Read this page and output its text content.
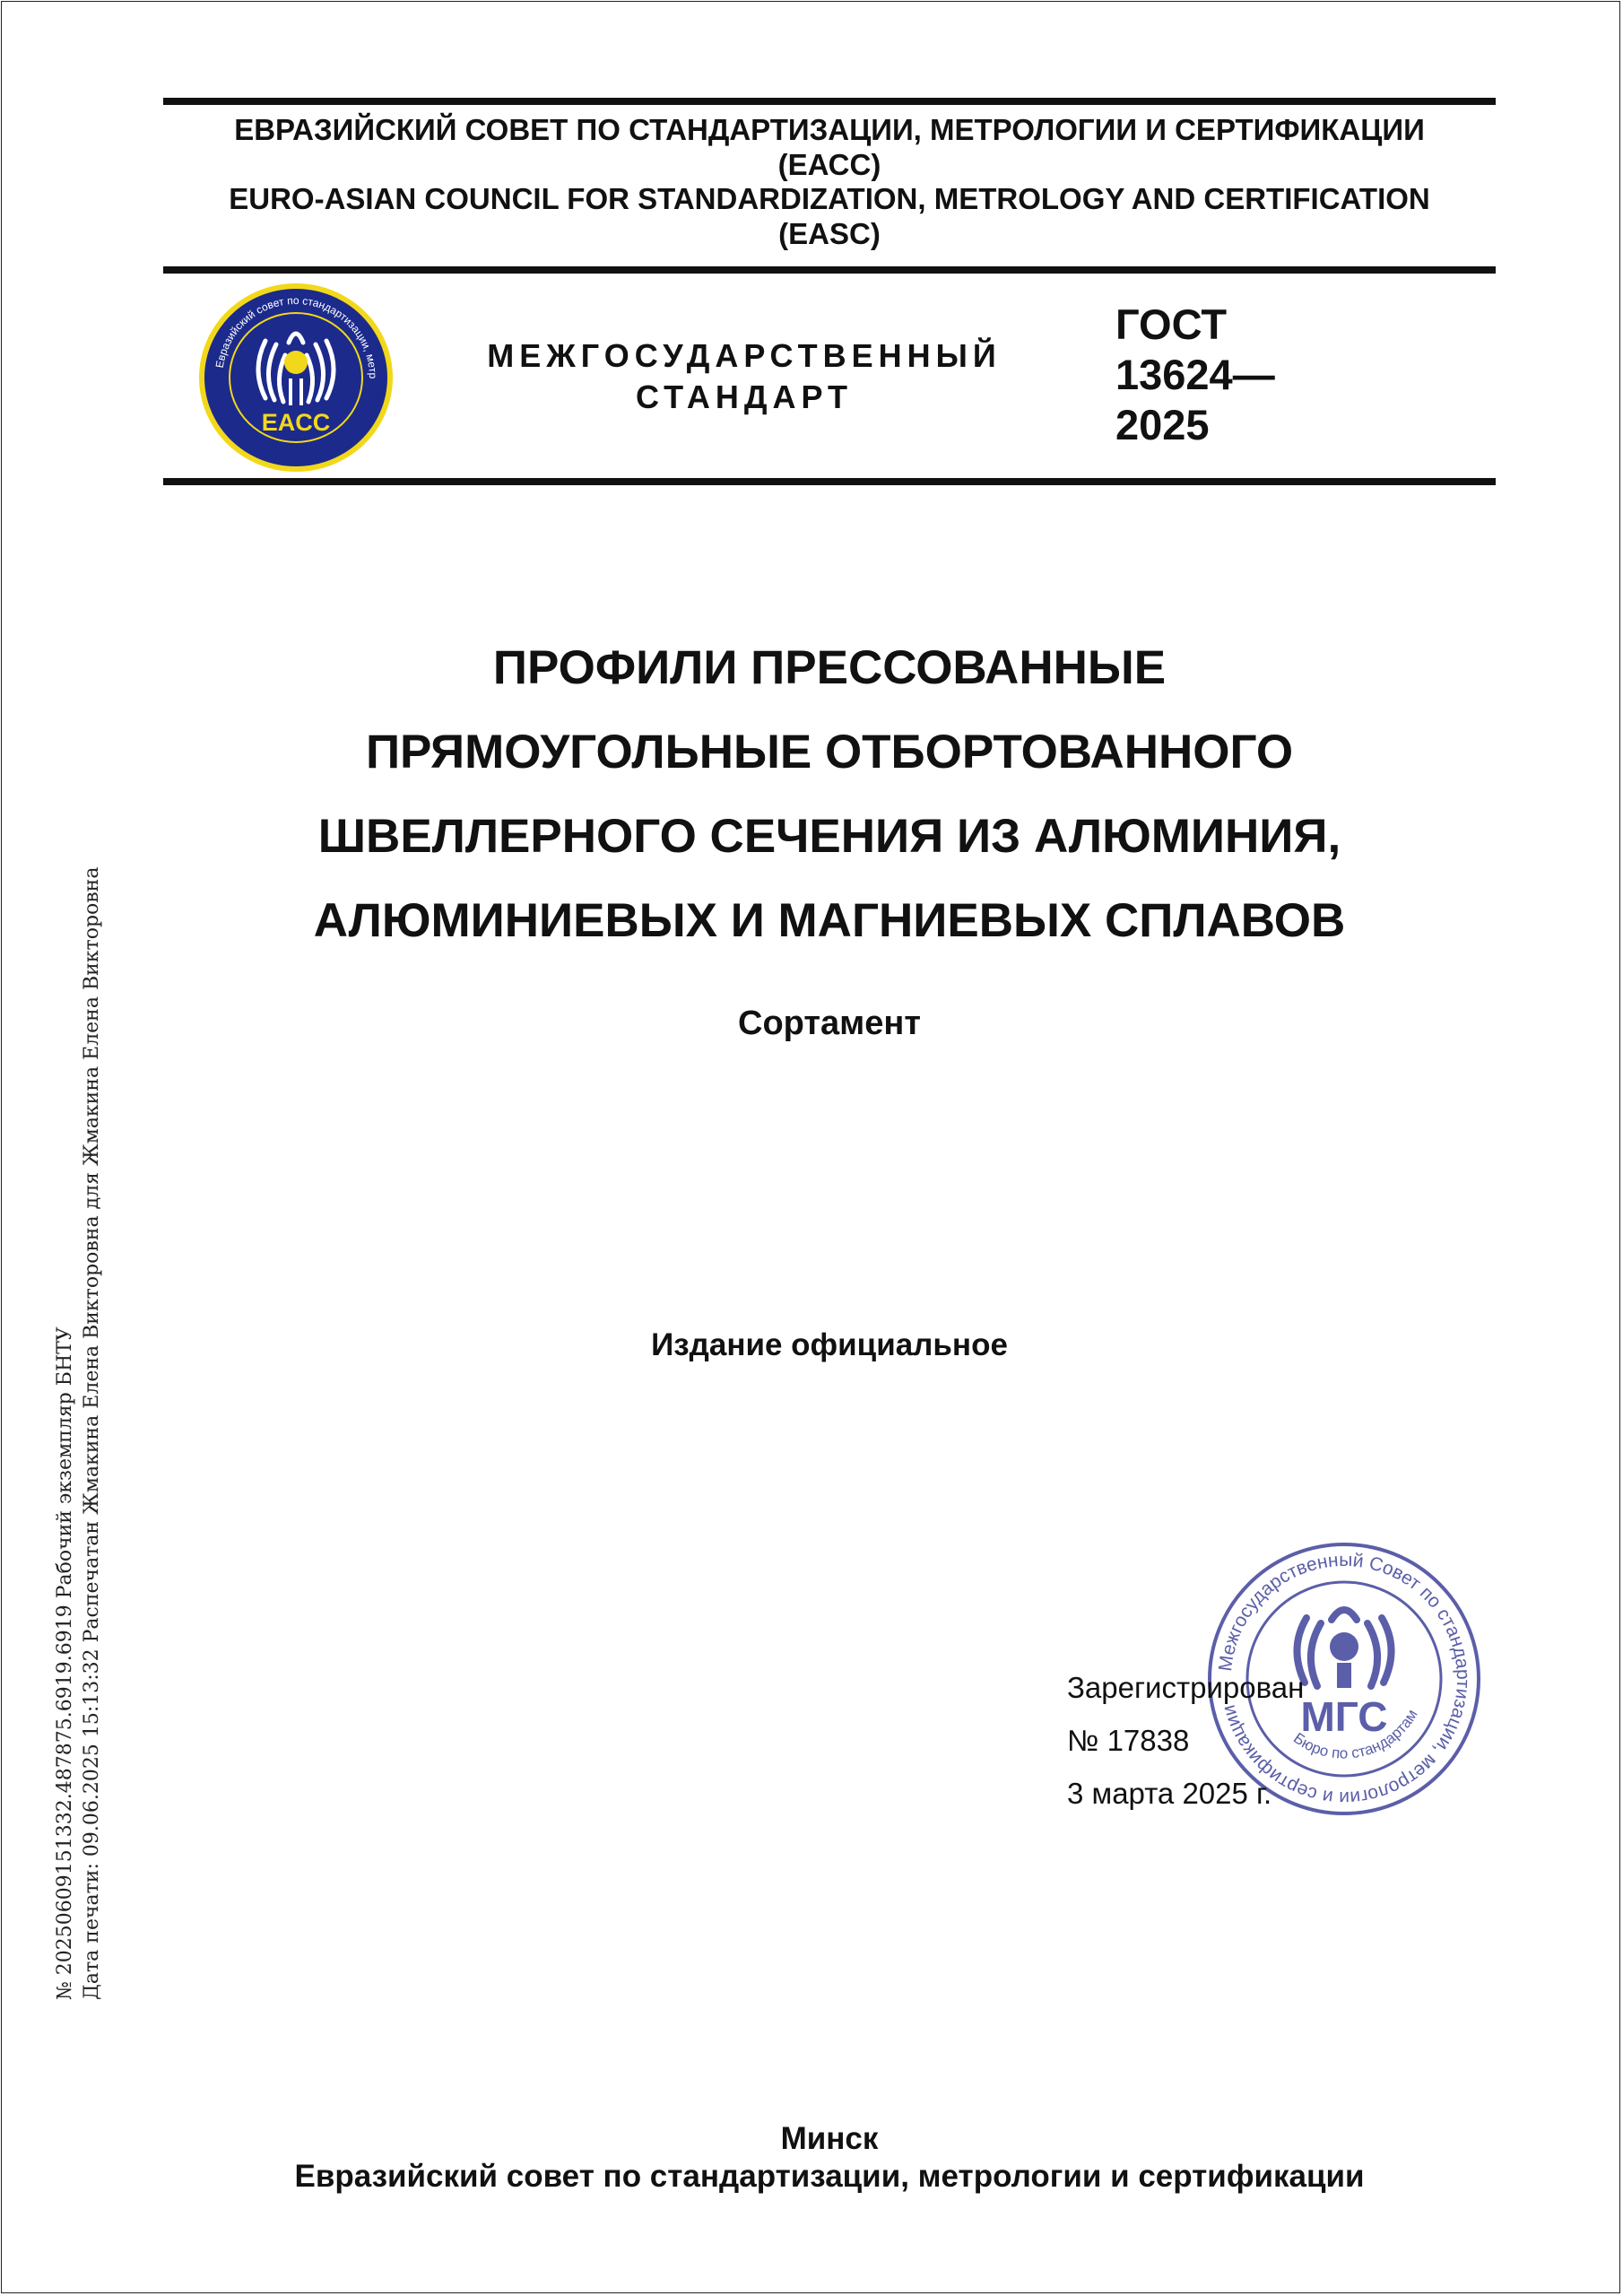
ЕВРАЗИЙСКИЙ СОВЕТ ПО СТАНДАРТИЗАЦИИ, МЕТРОЛОГИИ И СЕРТИФИКАЦИИ
(ЕАСС)
EURO-ASIAN COUNCIL FOR STANDARDIZATION, METROLOGY AND CERTIFICATION
(EASC)
Евразийский совет по стандартизации, метр
EACC
МЕЖГОСУДАРСТВЕННЫЙ
СТАНДАРТ
ГОСТ
13624—
2025
№ 20250609151332.487875.6919.6919 Рабочий экземпляр БНТУ Дата печати: 09.06.2025 15:13:32 Распечатан Жмакина Елена Викторовна для Жмакина Елена Викторовна
ПРОФИЛИ ПРЕССОВАННЫЕ
ПРЯМОУГОЛЬНЫЕ ОТБОРТОВАННОГО
ШВЕЛЛЕРНОГО СЕЧЕНИЯ ИЗ АЛЮМИНИЯ,
АЛЮМИНИЕВЫХ И МАГНИЕВЫХ СПЛАВОВ
Сортамент
Издание официальное
Межгосударственный Совет по стандартизации, метрологии и сертификации
Бюро по стандартам
МГС
Зарегистрирован
№ 17838
3 марта 2025 г.
Минск
Евразийский совет по стандартизации, метрологии и сертификации
